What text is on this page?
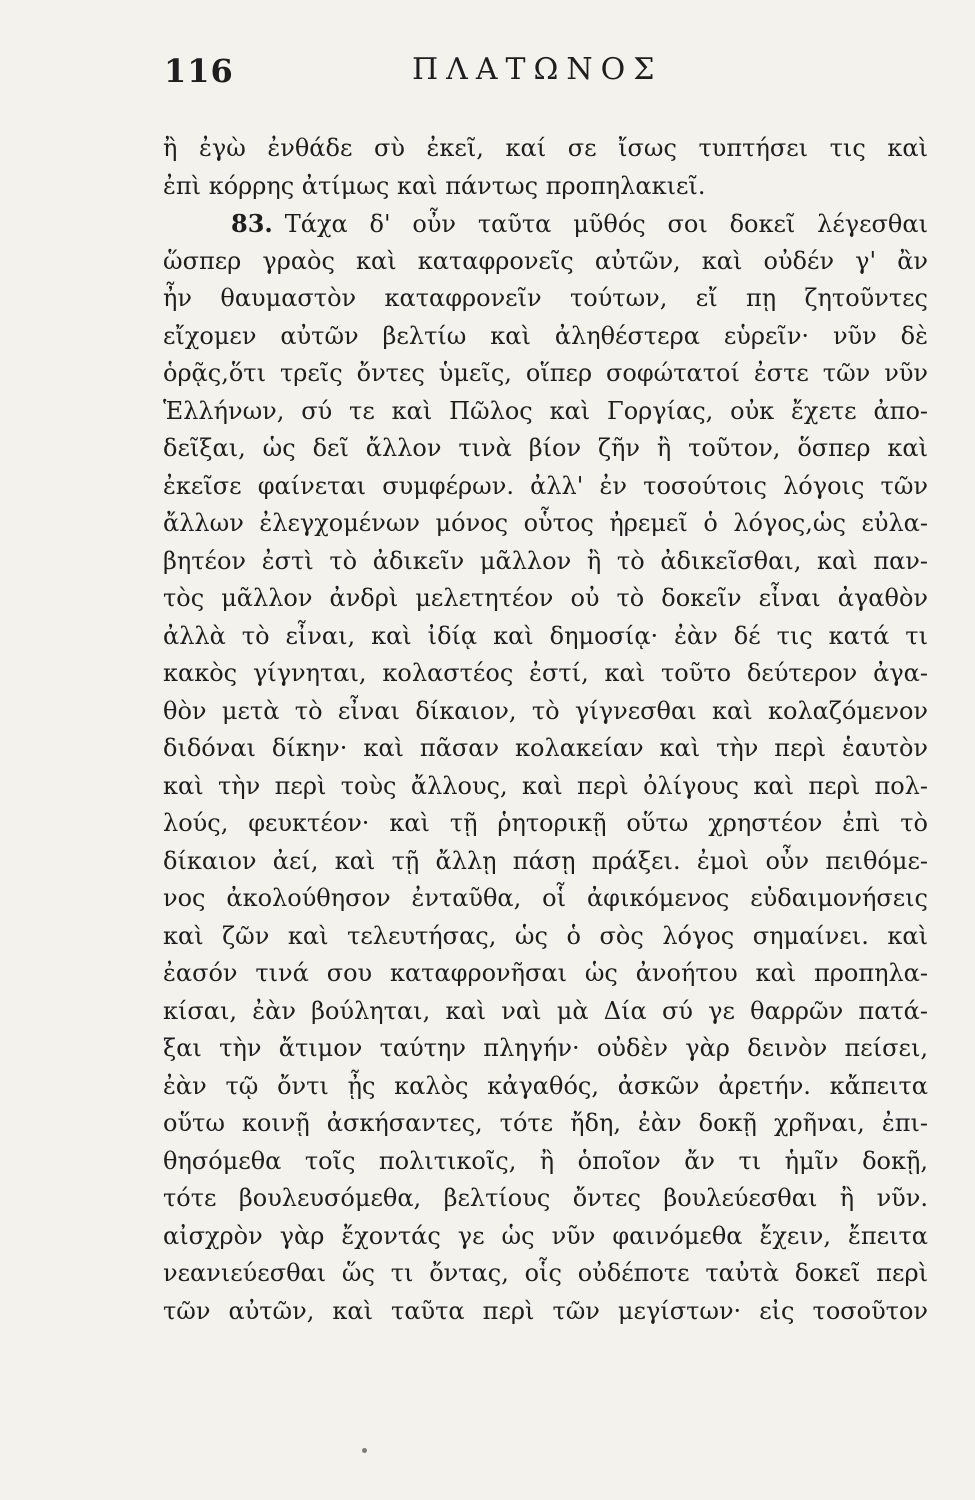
116	ΠΛΑΤΩΝΟΣ
ἢ ἐγὼ ἐνθάδε σὺ ἐκεῖ, καί σε ἴσως τυπτήσει τις καὶ
ἐπὶ κόρρης ἀτίμως καὶ πάντως προπηλακιεῖ.
83. Τάχα δ' οὖν ταῦτα μῦθός σοι δοκεῖ λέγεσθαι
ὥσπερ γραὸς καὶ καταφρονεῖς αὐτῶν, καὶ οὐδέν γ' ἂν
ἦν θαυμαστὸν καταφρονεῖν τούτων, εἴ πῃ ζητοῦντες
εἴχομεν αὐτῶν βελτίω καὶ ἀληθέστερα εὑρεῖν· νῦν δὲ
ὁρᾷς,ὅτι τρεῖς ὄντες ὑμεῖς, οἵπερ σοφώτατοί ἐστε τῶν νῦν
Ἑλλήνων, σύ τε καὶ Πῶλος καὶ Γοργίας, οὐκ ἔχετε ἀπο-
δεῖξαι, ὡς δεῖ ἄλλον τινὰ βίον ζῆν ἢ τοῦτον, ὅσπερ καὶ
ἐκεῖσε φαίνεται συμφέρων. ἀλλ' ἐν τοσούτοις λόγοις τῶν
ἄλλων ἐλεγχομένων μόνος οὗτος ἠρεμεῖ ὁ λόγος,ὡς εὐλα-
βητέον ἐστὶ τὸ ἀδικεῖν μᾶλλον ἢ τὸ ἀδικεῖσθαι, καὶ παν-
τὸς μᾶλλον ἀνδρὶ μελετητέον οὐ τὸ δοκεῖν εἶναι ἀγαθὸν
ἀλλὰ τὸ εἶναι, καὶ ἰδίᾳ καὶ δημοσίᾳ· ἐὰν δέ τις κατά τι
κακὸς γίγνηται, κολαστέος ἐστί, καὶ τοῦτο δεύτερον ἀγα-
θὸν μετὰ τὸ εἶναι δίκαιον, τὸ γίγνεσθαι καὶ κολαζόμενον
διδόναι δίκην· καὶ πᾶσαν κολακείαν καὶ τὴν περὶ ἑαυτὸν
καὶ τὴν περὶ τοὺς ἄλλους, καὶ περὶ ὀλίγους καὶ περὶ πολ-
λούς, φευκτέον· καὶ τῇ ῥητορικῇ οὕτω χρηστέον ἐπὶ τὸ
δίκαιον ἀεί, καὶ τῇ ἄλλῃ πάσῃ πράξει. ἐμοὶ οὖν πειθόμε-
νος ἀκολούθησον ἐνταῦθα, οἷ ἀφικόμενος εὐδαιμονήσεις
καὶ ζῶν καὶ τελευτήσας, ὡς ὁ σὸς λόγος σημαίνει. καὶ
ἐασόν τινά σου καταφρονῆσαι ὡς ἀνοήτου καὶ προπηλα-
κίσαι, ἐὰν βούληται, καὶ ναὶ μὰ Δία σύ γε θαρρῶν πατά-
ξαι τὴν ἄτιμον ταύτην πληγήν· οὐδὲν γὰρ δεινὸν πείσει,
ἐὰν τῷ ὄντι ᾖς καλὸς κἀγαθός, ἀσκῶν ἀρετήν. κἄπειτα
οὕτω κοινῇ ἀσκήσαντες, τότε ἤδη, ἐὰν δοκῇ χρῆναι, ἐπι-
θησόμεθα τοῖς πολιτικοῖς, ἢ ὁποῖον ἄν τι ἡμῖν δοκῇ,
τότε βουλευσόμεθα, βελτίους ὄντες βουλεύεσθαι ἢ νῦν.
αἰσχρὸν γὰρ ἔχοντάς γε ὡς νῦν φαινόμεθα ἔχειν, ἔπειτα
νεανιεύεσθαι ὥς τι ὄντας, οἷς οὐδέποτε ταὐτὰ δοκεῖ περὶ
τῶν αὐτῶν, καὶ ταῦτα περὶ τῶν μεγίστων· εἰς τοσοῦτον
